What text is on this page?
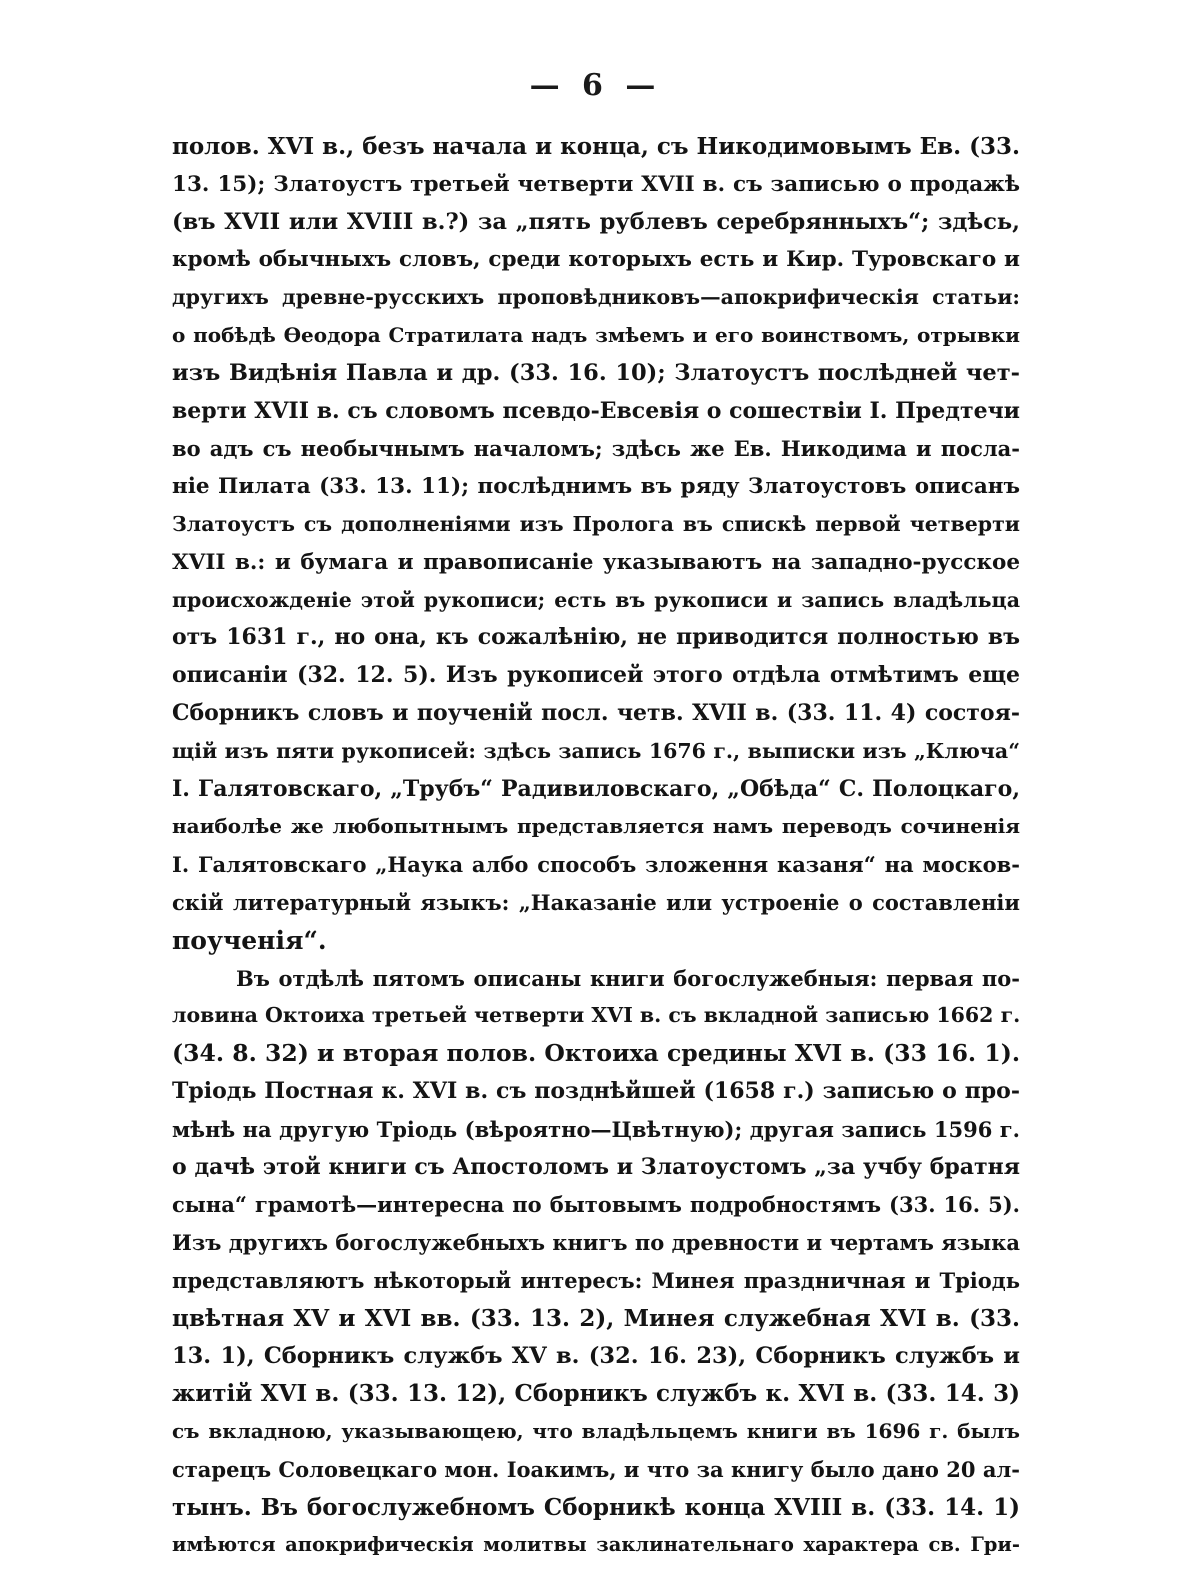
— 6 —
полов. XVI в., безъ начала и конца, съ Никодимовымъ Ев. (33.
13. 15); Златоустъ третьей четверти XVII в. съ записью о продажѣ
(въ XVII или XVIII в.?) за „пять рублевъ серебрянныхъ“; здѣсь,
кромѣ обычныхъ словъ, среди которыхъ есть и Кир. Туровскаго и
другихъ древне-русскихъ проповѣдниковъ—апокрифическія статьи:
о побѣдѣ Ѳеодора Стратилата надъ змѣемъ и его воинствомъ, отрывки
изъ Видѣнія Павла и др. (33. 16. 10); Златоустъ послѣдней чет-
верти XVII в. съ словомъ псевдо-Евсевія о сошествіи I. Предтечи
во адъ съ необычнымъ началомъ; здѣсь же Ев. Никодима и посла-
ніе Пилата (33. 13. 11); послѣднимъ въ ряду Златоустовъ описанъ
Златоустъ съ дополненіями изъ Пролога въ спискѣ первой четверти
XVII в.: и бумага и правописаніе указываютъ на западно-русское
происхожденіе этой рукописи; есть въ рукописи и запись владѣльца
отъ 1631 г., но она, къ сожалѣнію, не приводится полностью въ
описаніи (32. 12. 5). Изъ рукописей этого отдѣла отмѣтимъ еще
Сборникъ словъ и поученій посл. четв. XVII в. (33. 11. 4) состоя-
щій изъ пяти рукописей: здѣсь запись 1676 г., выписки изъ „Ключа“
I. Галятовскаго, „Трубъ“ Радивиловскаго, „Обѣда“ С. Полоцкаго,
наиболѣе же любопытнымъ представляется намъ переводъ сочиненія
I. Галятовскаго „Наука албо способъ зложення казаня“ на москов-
скій литературный языкъ: „Наказаніе или устроеніе о составленіи
поученія“.
Въ отдѣлѣ пятомъ описаны книги богослужебныя: первая по-
ловина Октоиха третьей четверти XVI в. съ вкладной записью 1662 г.
(34. 8. 32) и вторая полов. Октоиха средины XVI в. (33 16. 1).
Тріодь Постная к. XVI в. съ позднѣйшей (1658 г.) записью о про-
мѣнѣ на другую Тріодь (вѣроятно—Цвѣтную); другая запись 1596 г.
о дачѣ этой книги съ Апостоломъ и Златоустомъ „за учбу братня
сына“ грамотѣ—интересна по бытовымъ подробностямъ (33. 16. 5).
Изъ другихъ богослужебныхъ книгъ по древности и чертамъ языка
представляютъ нѣкоторый интересъ: Минея праздничная и Тріодь
цвѣтная XV и XVI вв. (33. 13. 2), Минея служебная XVI в. (33.
13. 1), Сборникъ службъ XV в. (32. 16. 23), Сборникъ службъ и
житій XVI в. (33. 13. 12), Сборникъ службъ к. XVI в. (33. 14. 3)
съ вкладною, указывающею, что владѣльцемъ книги въ 1696 г. былъ
старецъ Соловецкаго мон. Іоакимъ, и что за книгу было дано 20 ал-
тынъ. Въ богослужебномъ Сборникѣ конца XVIII в. (33. 14. 1)
имѣются апокрифическія молитвы заклинательнаго характера св. Гри-
